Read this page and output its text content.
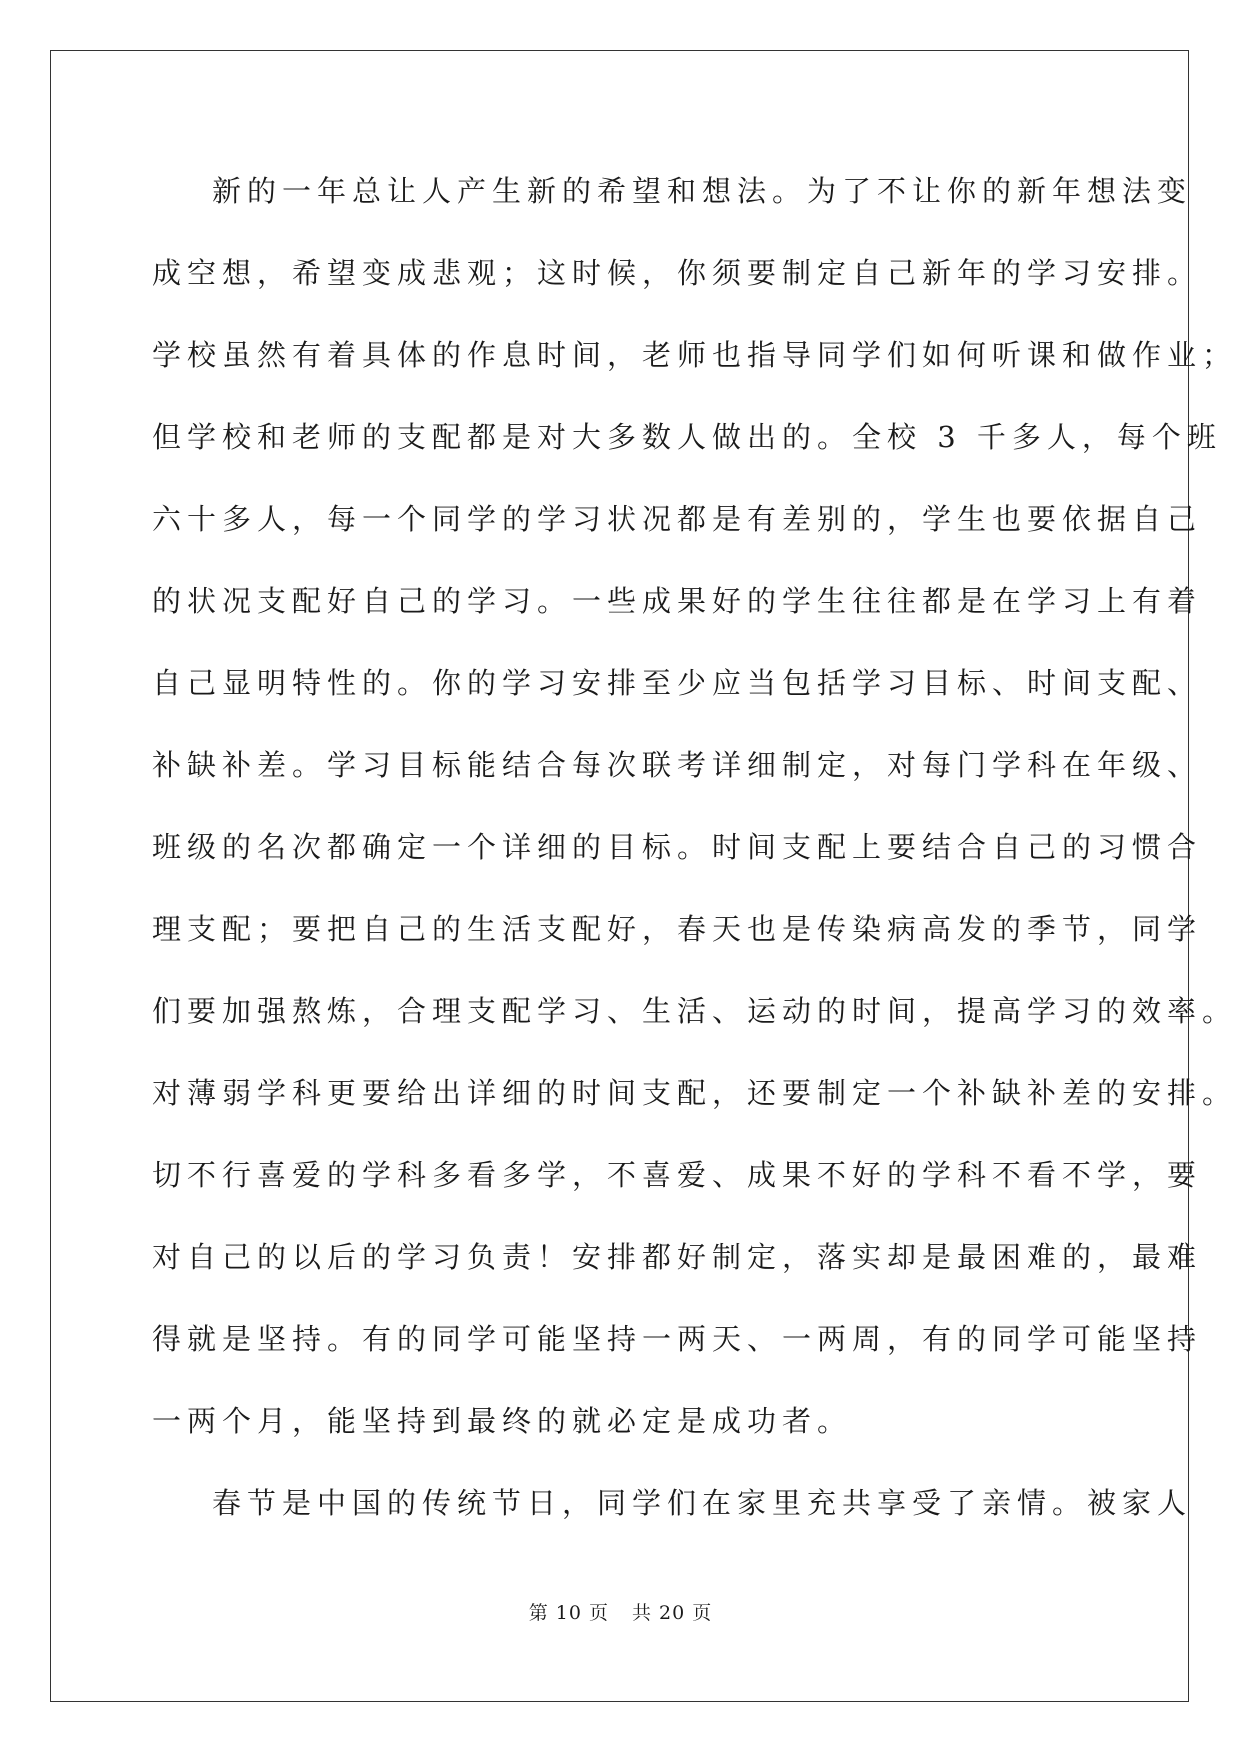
新的一年总让人产生新的希望和想法。为了不让你的新年想法变
成空想，希望变成悲观；这时候，你须要制定自己新年的学习安排。
学校虽然有着具体的作息时间，老师也指导同学们如何听课和做作业；
但学校和老师的支配都是对大多数人做出的。全校 3 千多人，每个班
六十多人，每一个同学的学习状况都是有差别的，学生也要依据自己
的状况支配好自己的学习。一些成果好的学生往往都是在学习上有着
自己显明特性的。你的学习安排至少应当包括学习目标、时间支配、
补缺补差。学习目标能结合每次联考详细制定，对每门学科在年级、
班级的名次都确定一个详细的目标。时间支配上要结合自己的习惯合
理支配；要把自己的生活支配好，春天也是传染病高发的季节，同学
们要加强熬炼，合理支配学习、生活、运动的时间，提高学习的效率。
对薄弱学科更要给出详细的时间支配，还要制定一个补缺补差的安排。
切不行喜爱的学科多看多学，不喜爱、成果不好的学科不看不学，要
对自己的以后的学习负责！安排都好制定，落实却是最困难的，最难
得就是坚持。有的同学可能坚持一两天、一两周，有的同学可能坚持
一两个月，能坚持到最终的就必定是成功者。
春节是中国的传统节日，同学们在家里充共享受了亲情。被家人
第 10 页 共 20 页
